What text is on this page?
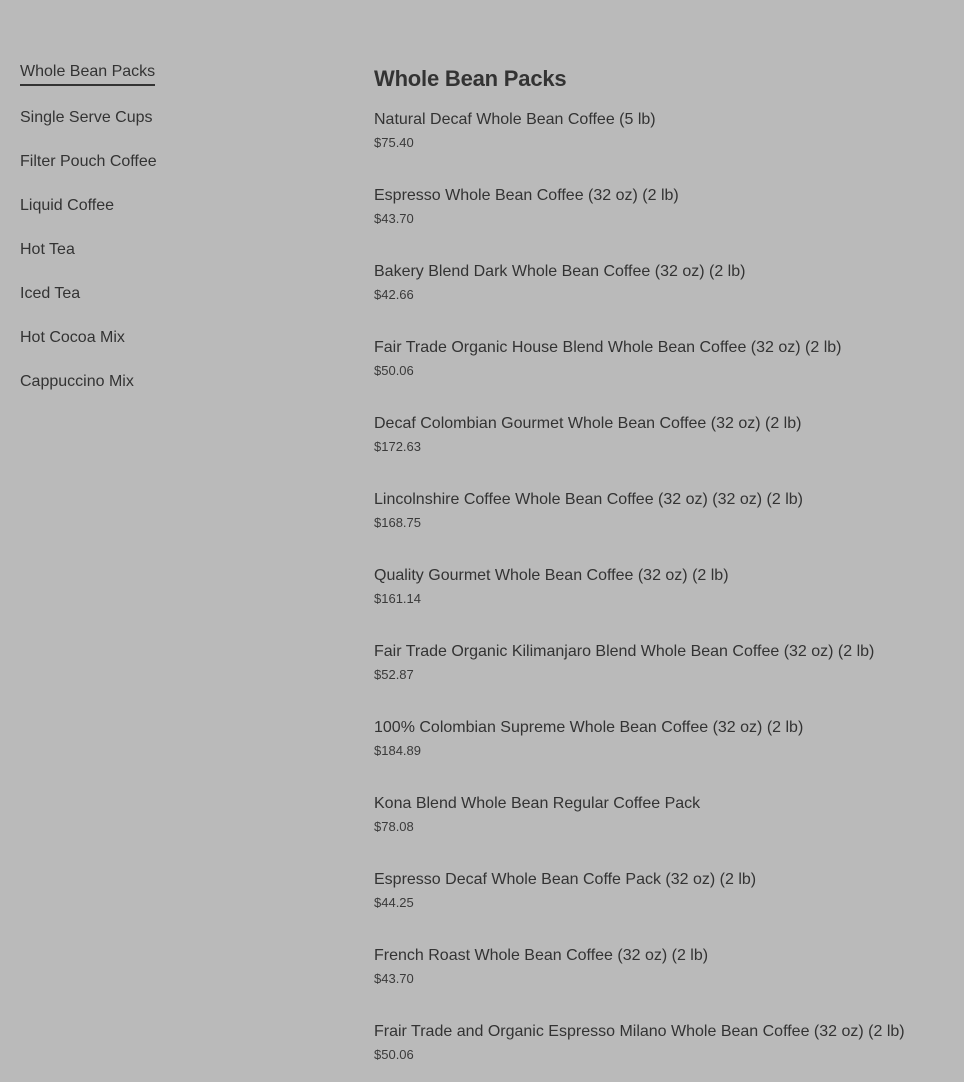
Whole Bean Packs
Single Serve Cups
Filter Pouch Coffee
Liquid Coffee
Hot Tea
Iced Tea
Hot Cocoa Mix
Cappuccino Mix
Whole Bean Packs
Natural Decaf Whole Bean Coffee (5 lb)
$75.40
Espresso Whole Bean Coffee (32 oz) (2 lb)
$43.70
Bakery Blend Dark Whole Bean Coffee (32 oz) (2 lb)
$42.66
Fair Trade Organic House Blend Whole Bean Coffee (32 oz) (2 lb)
$50.06
Decaf Colombian Gourmet Whole Bean Coffee (32 oz) (2 lb)
$172.63
Lincolnshire Coffee Whole Bean Coffee (32 oz) (32 oz) (2 lb)
$168.75
Quality Gourmet Whole Bean Coffee (32 oz) (2 lb)
$161.14
Fair Trade Organic Kilimanjaro Blend Whole Bean Coffee (32 oz) (2 lb)
$52.87
100% Colombian Supreme Whole Bean Coffee (32 oz) (2 lb)
$184.89
Kona Blend Whole Bean Regular Coffee Pack
$78.08
Espresso Decaf Whole Bean Coffe Pack (32 oz) (2 lb)
$44.25
French Roast Whole Bean Coffee (32 oz) (2 lb)
$43.70
Frair Trade and Organic Espresso Milano Whole Bean Coffee (32 oz) (2 lb)
$50.06
